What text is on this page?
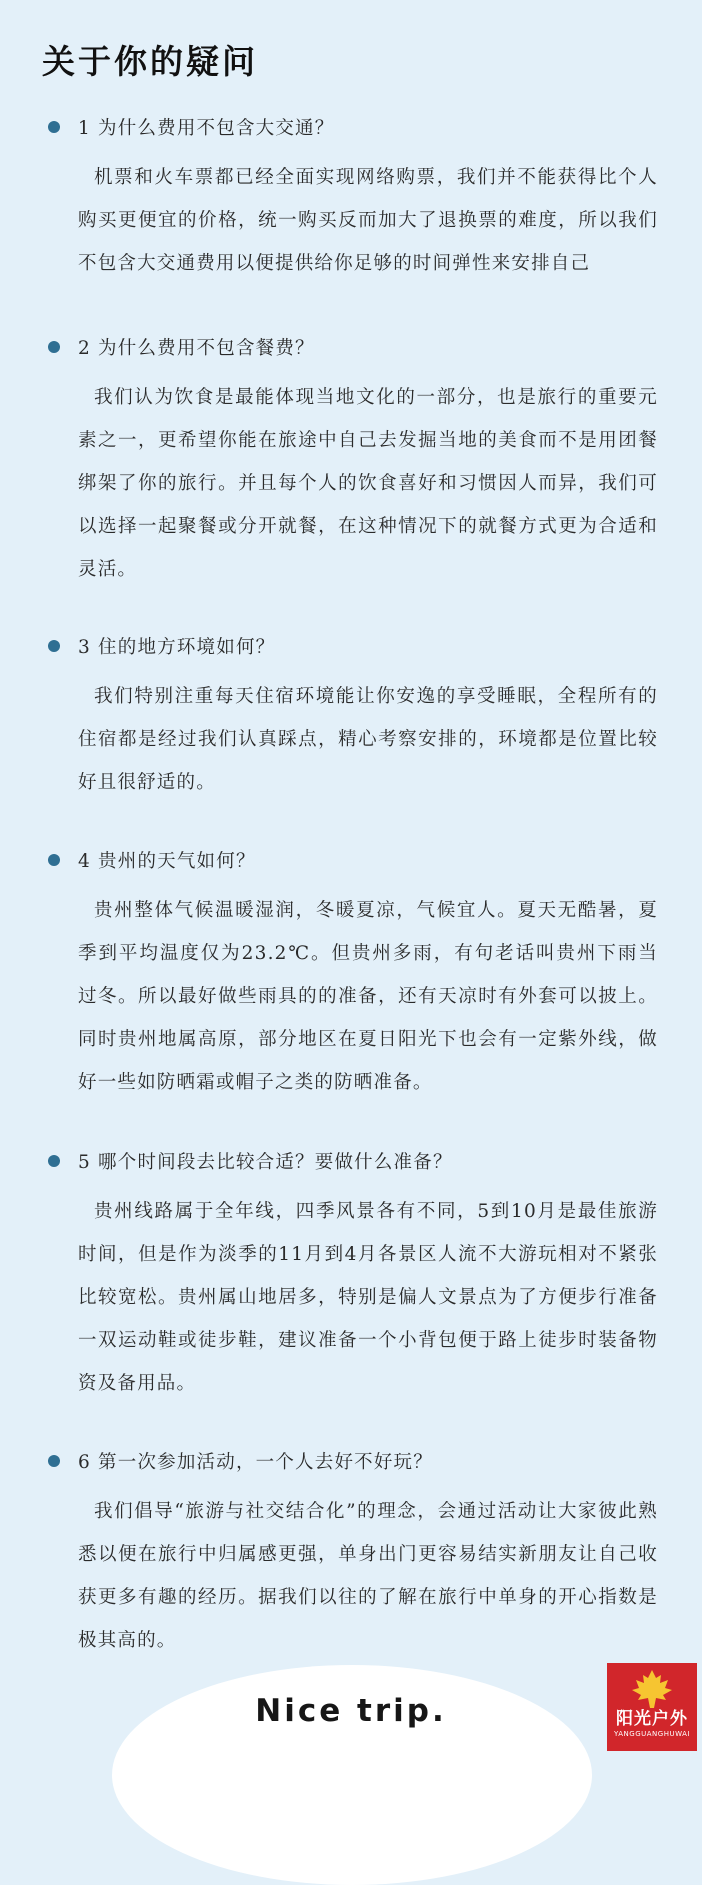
关于你的疑问
1 为什么费用不包含大交通？
机票和火车票都已经全面实现网络购票，我们并不能获得比个人购买更便宜的价格，统一购买反而加大了退换票的难度，所以我们不包含大交通费用以便提供给你足够的时间弹性来安排自己
2 为什么费用不包含餐费？
我们认为饮食是最能体现当地文化的一部分，也是旅行的重要元素之一，更希望你能在旅途中自己去发掘当地的美食而不是用团餐绑架了你的旅行。并且每个人的饮食喜好和习惯因人而异，我们可以选择一起聚餐或分开就餐，在这种情况下的就餐方式更为合适和灵活。
3 住的地方环境如何？
我们特别注重每天住宿环境能让你安逸的享受睡眠，全程所有的住宿都是经过我们认真踩点，精心考察安排的，环境都是位置比较好且很舒适的。
4 贵州的天气如何？
贵州整体气候温暖湿润，冬暖夏凉，气候宜人。夏天无酷暑，夏季到平均温度仅为23.2℃。但贵州多雨，有句老话叫贵州下雨当过冬。所以最好做些雨具的的准备，还有天凉时有外套可以披上。同时贵州地属高原，部分地区在夏日阳光下也会有一定紫外线，做好一些如防晒霜或帽子之类的防晒准备。
5 哪个时间段去比较合适？要做什么准备？
贵州线路属于全年线，四季风景各有不同，5到10月是最佳旅游时间，但是作为淡季的11月到4月各景区人流不大游玩相对不紧张比较宽松。贵州属山地居多，特别是偏人文景点为了方便步行准备一双运动鞋或徒步鞋，建议准备一个小背包便于路上徒步时装备物资及备用品。
6 第一次参加活动，一个人去好不好玩？
我们倡导“旅游与社交结合化”的理念，会通过活动让大家彼此熟悉以便在旅行中归属感更强，单身出门更容易结实新朋友让自己收获更多有趣的经历。据我们以往的了解在旅行中单身的开心指数是极其高的。
Nice trip.	阳光户外
YANGGUANGHUWAI
